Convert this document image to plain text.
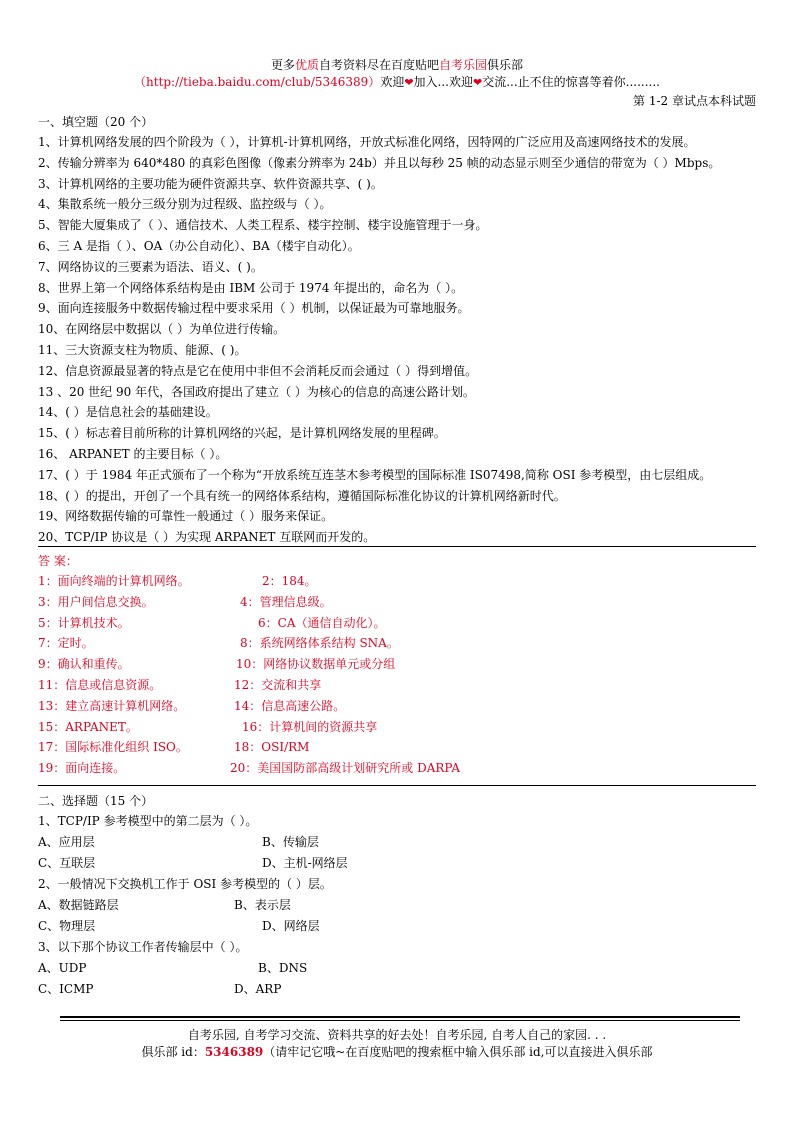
更多优质自考资料尽在百度贴吧自考乐园俱乐部
（http://tieba.baidu.com/club/5346389）欢迎❤加入...欢迎❤交流...止不住的惊喜等着你.........
第 1-2 章试点本科试题
一、填空题（20 个）
1、计算机网络发展的四个阶段为（ ），计算机-计算机网络，开放式标准化网络，因特网的广泛应用及高速网络技术的发展。
2、传输分辨率为 640*480 的真彩色图像（像素分辨率为 24b）并且以每秒 25 帧的动态显示则至少通信的带宽为（ ）Mbps。
3、计算机网络的主要功能为硬件资源共享、软件资源共享、( )。
4、集散系统一般分三级分别为过程级、监控级与（ ）。
5、智能大厦集成了（ ）、通信技术、人类工程系、楼宇控制、楼宇设施管理于一身。
6、三 A 是指（ ）、OA（办公自动化）、BA（楼宇自动化）。
7、网络协议的三要素为语法、语义、( )。
8、世界上第一个网络体系结构是由 IBM 公司于 1974 年提出的，命名为（ ）。
9、面向连接服务中数据传输过程中要求采用（ ）机制，以保证最为可靠地服务。
10、在网络层中数据以（ ）为单位进行传输。
11、三大资源支柱为物质、能源、( )。
12、信息资源最显著的特点是它在使用中非但不会消耗反而会通过（ ）得到增值。
13 、20 世纪 90 年代，各国政府提出了建立（ ）为核心的信息的高速公路计划。
14、( ）是信息社会的基础建设。
15、( ）标志着目前所称的计算机网络的兴起，是计算机网络发展的里程碑。
16、 ARPANET 的主要目标（ ）。
17、( ）于 1984 年正式颁布了一个称为“开放系统互连茎木参考模型的国际标准 IS07498,简称 OSI 参考模型，由七层组成。
18、( ）的提出，开创了一个具有统一的网络体系结构，遵循国际标准化协议的计算机网络新时代。
19、网络数据传输的可靠性一般通过（ ）服务来保证。
20、TCP/IP 协议是（ ）为实现 ARPANET 互联网而开发的。
答 案：
1：面向终端的计算机网络。	2：184。
3：用户间信息交换。	4：管理信息级。
5：计算机技术。	6：CA（通信自动化）。
7：定时。	8：系统网络体系结构 SNA。
9：确认和重传。	10：网络协议数据单元或分组
11：信息或信息资源。	12：交流和共享
13：建立高速计算机网络。	14：信息高速公路。
15：ARPANET。	16：计算机间的资源共享
17：国际标准化组织 ISO。	18：OSI/RM
19：面向连接。	20：美国国防部高级计划研究所或 DARPA
二、选择题（15 个）
1、TCP/IP 参考模型中的第二层为（ ）。
A、应用层	B、传输层
C、互联层	D、主机-网络层
2、一般情况下交换机工作于 OSI 参考模型的（ ）层。
A、数据链路层	B、表示层
C、物理层	D、网络层
3、以下那个协议工作者传输层中（ ）。
A、UDP	B、DNS
C、ICMP	D、ARP
自考乐园, 自考学习交流、资料共享的好去处！自考乐园, 自考人自己的家园. . .
俱乐部 id：5346389（请牢记它哦~在百度贴吧的搜索框中输入俱乐部 id,可以直接进入俱乐部
